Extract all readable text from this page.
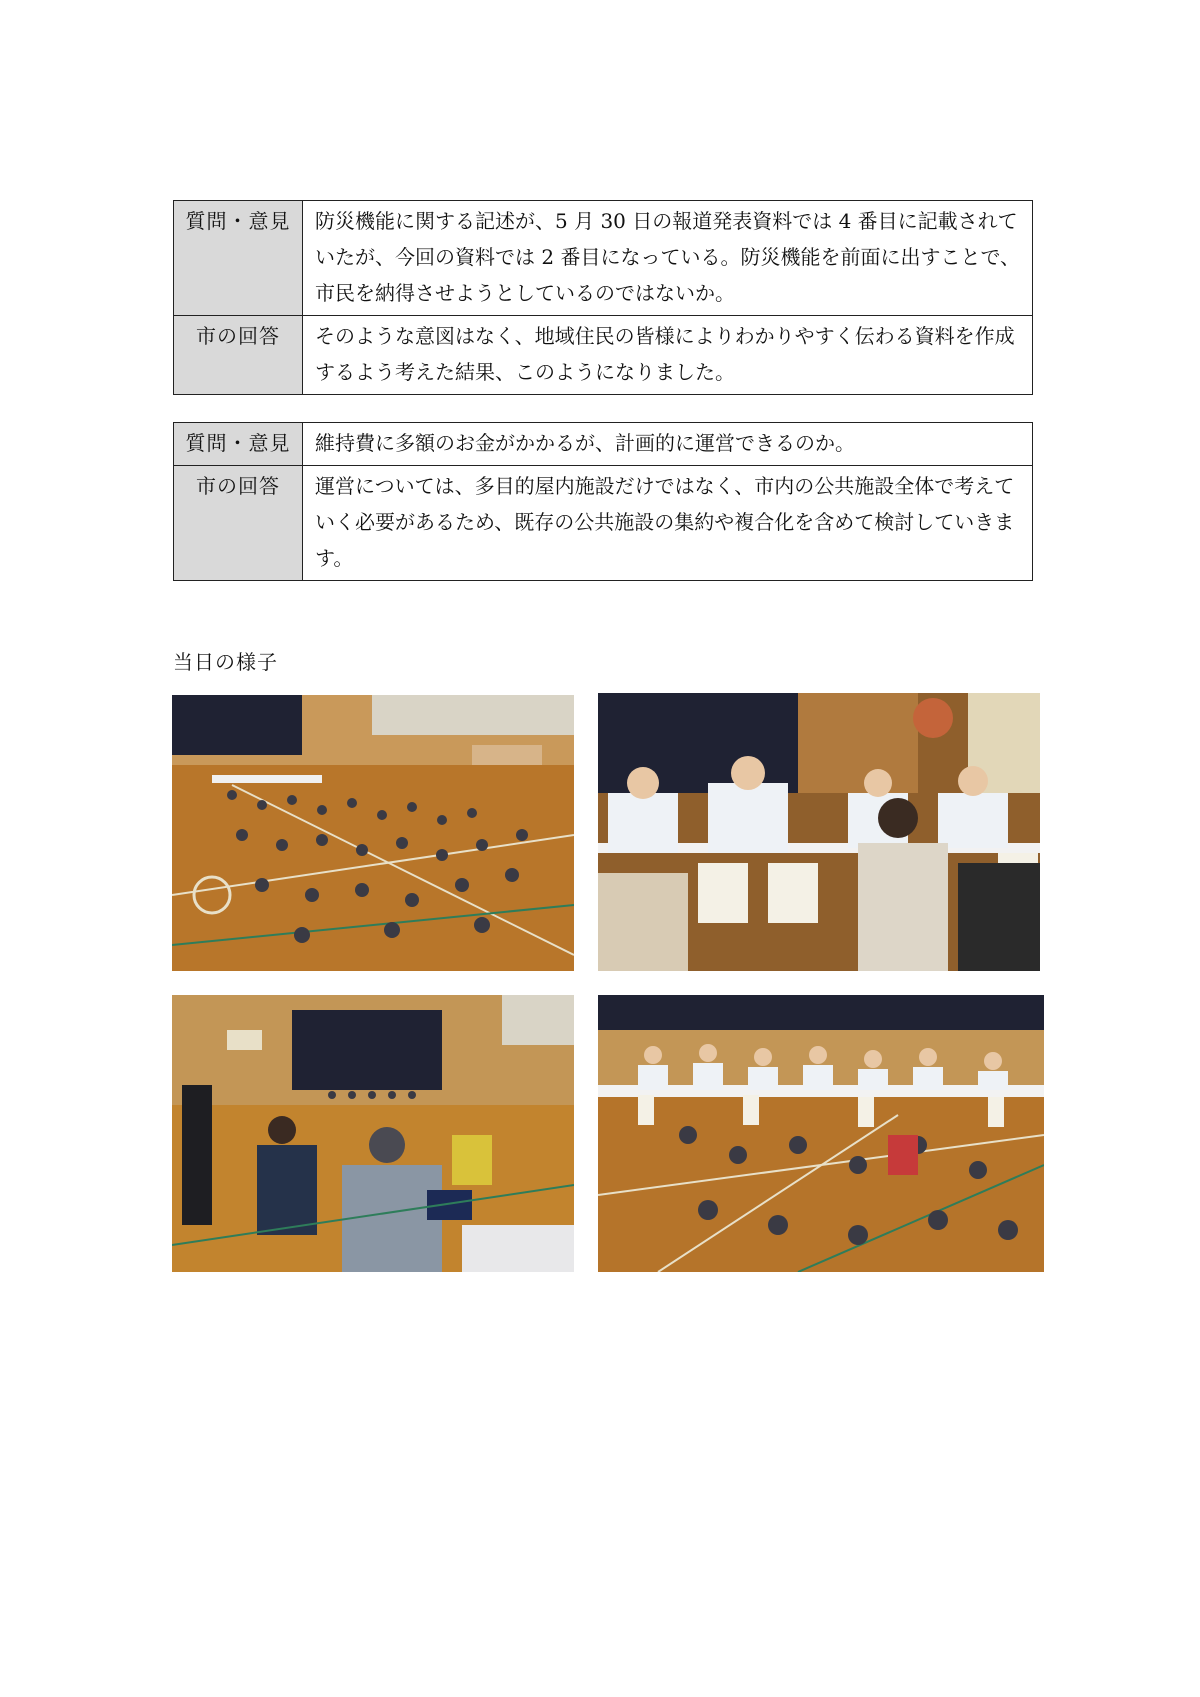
質問・意見	防災機能に関する記述が、5 月 30 日の報道発表資料では 4 番目に記載されていたが、今回の資料では 2 番目になっている。防災機能を前面に出すことで、市民を納得させようとしているのではないか。
市の回答	そのような意図はなく、地域住民の皆様によりわかりやすく伝わる資料を作成するよう考えた結果、このようになりました。
質問・意見	維持費に多額のお金がかかるが、計画的に運営できるのか。
市の回答	運営については、多目的屋内施設だけではなく、市内の公共施設全体で考えていく必要があるため、既存の公共施設の集約や複合化を含めて検討していきます。
当日の様子
